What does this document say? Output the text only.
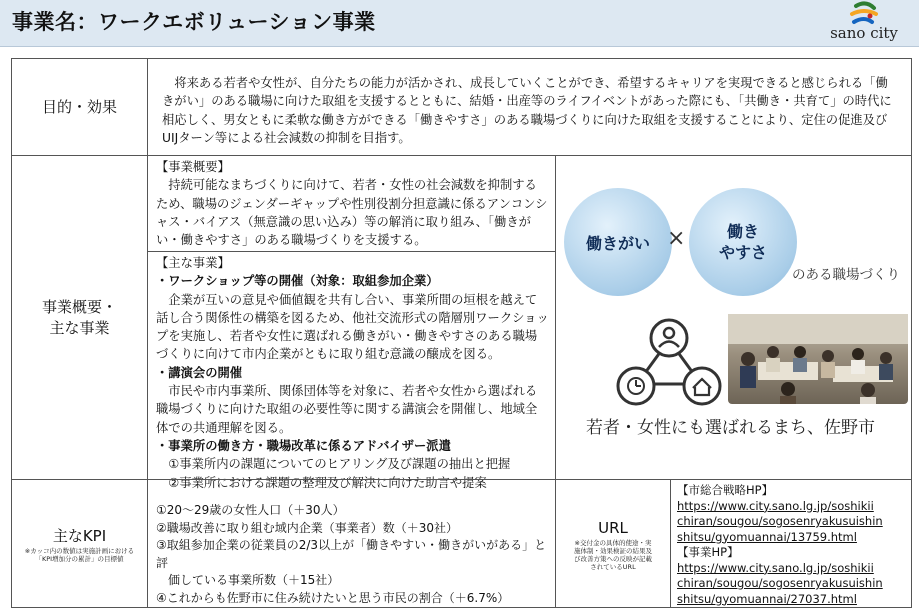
事業名：ワークエボリューション事業	sano city
目的・効果
　将来ある若者や女性が、自分たちの能力が活かされ、成長していくことができ、希望するキャリアを実現できると感じられる「働きがい」のある職場に向けた取組を支援するとともに、結婚・出産等のライフイベントがあった際にも、「共働き・共育て」の時代に相応しく、男女ともに柔軟な働き方ができる「働きやすさ」のある職場づくりに向けた取組を支援することにより、定住の促進及びUIJターン等による社会減数の抑制を目指す。
事業概要・
主な事業
【事業概要】
　持続可能なまちづくりに向けて、若者・女性の社会減数を抑制するため、職場のジェンダーギャップや性別役割分担意識に係るアンコンシャス・バイアス（無意識の思い込み）等の解消に取り組み、「働きがい・働きやすさ」のある職場づくりを支援する。
【主な事業】
・ワークショップ等の開催（対象：取組参加企業）
　企業が互いの意見や価値観を共有し合い、事業所間の垣根を越えて話し合う関係性の構築を図るため、他社交流形式の階層別ワークショップを実施し、若者や女性に選ばれる働きがい・働きやすさのある職場づくりに向けて市内企業がともに取り組む意識の醸成を図る。
・講演会の開催
　市民や市内事業所、関係団体等を対象に、若者や女性から選ばれる職場づくりに向けた取組の必要性等に関する講演会を開催し、地域全体での共通理解を図る。
・事業所の働き方・職場改革に係るアドバイザー派遣
　①事業所内の課題についてのヒアリング及び課題の抽出と把握
　②事業所における課題の整理及び解決に向けた助言や提案
働きがい ×	働き
やすさ
のある職場づくり
若者・女性にも選ばれるまち、佐野市
主なKPI
※カッコ内の数値は実施計画における
「KPI増加分の累計」の目標値
①20～29歳の女性人口（＋30人）
②職場改善に取り組む域内企業（事業者）数（＋30社）
③取組参加企業の従業員の2/3以上が「働きやすい・働きがいがある」と評
　価している事業所数（＋15社）
④これからも佐野市に住み続けたいと思う市民の割合（＋6.7%）
URL
※交付金の具体的使途・実
施体制・効果検証の結果及
び改善方策への反映が記載
されているURL
【市総合戦略HP】
https://www.city.sano.lg.jp/soshikii
chiran/sougou/sogosenryakusuishin
shitsu/gyomuannai/13759.html
【事業HP】
https://www.city.sano.lg.jp/soshikii
chiran/sougou/sogosenryakusuishin
shitsu/gyomuannai/27037.html
